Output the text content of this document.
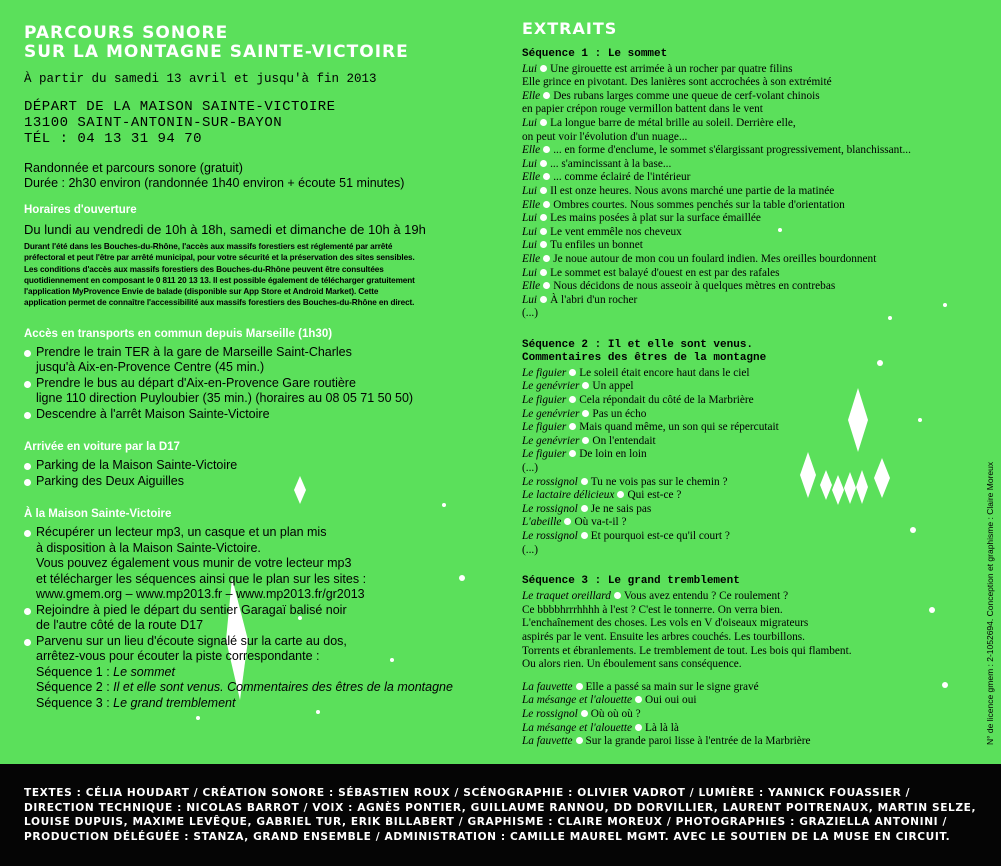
PARCOURS SONORE
SUR LA MONTAGNE SAINTE-VICTOIRE
À partir du samedi 13 avril et jusqu'à fin 2013
DÉPART DE LA MAISON SAINTE-VICTOIRE
13100 SAINT-ANTONIN-SUR-BAYON
TÉL : 04 13 31 94 70
Randonnée et parcours sonore (gratuit)
Durée : 2h30 environ (randonnée 1h40 environ + écoute 51 minutes)
Horaires d'ouverture
Du lundi au vendredi de 10h à 18h, samedi et dimanche de 10h à 19h
Durant l'été dans les Bouches-du-Rhône, l'accès aux massifs forestiers est réglementé par arrêté
préfectoral et peut l'être par arrêté municipal, pour votre sécurité et la préservation des sites sensibles.
Les conditions d'accès aux massifs forestiers des Bouches-du-Rhône peuvent être consultées
quotidiennement en composant le 0 811 20 13 13. Il est possible également de télécharger gratuitement
l'application MyProvence Envie de balade (disponible sur App Store et Android Market). Cette
application permet de connaître l'accessibilité aux massifs forestiers des Bouches-du-Rhône en direct.
Accès en transports en commun depuis Marseille (1h30)
Prendre le train TER à la gare de Marseille Saint-Charles
jusqu'à Aix-en-Provence Centre (45 min.)
Prendre le bus au départ d'Aix-en-Provence Gare routière
ligne 110 direction Puyloubier (35 min.) (horaires au 08 05 71 50 50)
Descendre à l'arrêt Maison Sainte-Victoire
Arrivée en voiture par la D17
Parking de la Maison Sainte-Victoire
Parking des Deux Aiguilles
À la Maison Sainte-Victoire
Récupérer un lecteur mp3, un casque et un plan mis
à disposition à la Maison Sainte-Victoire.
Vous pouvez également vous munir de votre lecteur mp3
et télécharger les séquences ainsi que le plan sur les sites :
www.gmem.org – www.mp2013.fr – www.mp2013.fr/gr2013
Rejoindre à pied le départ du sentier Garagaï balisé noir
de l'autre côté de la route D17
Parvenu sur un lieu d'écoute signalé sur la carte au dos,
arrêtez-vous pour écouter la piste correspondante :
Séquence 1 : Le sommet
Séquence 2 : Il et elle sont venus. Commentaires des êtres de la montagne
Séquence 3 : Le grand tremblement
EXTRAITS
Séquence 1 : Le sommet
Lui Une girouette est arrimée à un rocher par quatre filins
Elle grince en pivotant. Des lanières sont accrochées à son extrémité
Elle Des rubans larges comme une queue de cerf-volant chinois
en papier crépon rouge vermillon battent dans le vent
Lui La longue barre de métal brille au soleil. Derrière elle,
on peut voir l'évolution d'un nuage...
Elle ... en forme d'enclume, le sommet s'élargissant progressivement, blanchissant...
Lui ... s'amincissant à la base...
Elle ... comme éclairé de l'intérieur
Lui Il est onze heures. Nous avons marché une partie de la matinée
Elle Ombres courtes. Nous sommes penchés sur la table d'orientation
Lui Les mains posées à plat sur la surface émaillée
Lui Le vent emmêle nos cheveux
Lui Tu enfiles un bonnet
Elle Je noue autour de mon cou un foulard indien. Mes oreilles bourdonnent
Lui Le sommet est balayé d'ouest en est par des rafales
Elle Nous décidons de nous asseoir à quelques mètres en contrebas
Lui À l'abri d'un rocher
(...)
Séquence 2 : Il et elle sont venus.
Commentaires des êtres de la montagne
Le figuier Le soleil était encore haut dans le ciel
Le genévrier Un appel
Le figuier Cela répondait du côté de la Marbrière
Le genévrier Pas un écho
Le figuier Mais quand même, un son qui se répercutait
Le genévrier On l'entendait
Le figuier De loin en loin
(...)
Le rossignol Tu ne vois pas sur le chemin ?
Le lactaire délicieux Qui est-ce ?
Le rossignol Je ne sais pas
L'abeille Où va-t-il ?
Le rossignol Et pourquoi est-ce qu'il court ?
(...)
Séquence 3 : Le grand tremblement
Le traquet oreillard Vous avez entendu ? Ce roulement ?
Ce bbbbhrrrhhhh à l'est ? C'est le tonnerre. On verra bien.
L'enchaînement des choses. Les vols en V d'oiseaux migrateurs
aspirés par le vent. Ensuite les arbres couchés. Les tourbillons.
Torrents et ébranlements. Le tremblement de tout. Les bois qui flambent.
Ou alors rien. Un éboulement sans conséquence.
La fauvette Elle a passé sa main sur le signe gravé
La mésange et l'alouette Oui oui oui
Le rossignol Où où où ?
La mésange et l'alouette Là là là
La fauvette Sur la grande paroi lisse à l'entrée de la Marbrière	N° de licence gmem : 2-1052694. Conception et graphisme : Claire Moreux
TEXTES : CÉLIA HOUDART / CRÉATION SONORE : SÉBASTIEN ROUX / SCÉNOGRAPHIE : OLIVIER VADROT / LUMIÈRE : YANNICK FOUASSIER /
DIRECTION TECHNIQUE : NICOLAS BARROT / VOIX : AGNÈS PONTIER, GUILLAUME RANNOU, DD DORVILLIER, LAURENT POITRENAUX, MARTIN SELZE,
LOUISE DUPUIS, MAXIME LEVÊQUE, GABRIEL TUR, ERIK BILLABERT / GRAPHISME : CLAIRE MOREUX / PHOTOGRAPHIES : GRAZIELLA ANTONINI /
PRODUCTION DÉLÉGUÉE : STANZA, GRAND ENSEMBLE / ADMINISTRATION : CAMILLE MAUREL MGMT. AVEC LE SOUTIEN DE LA MUSE EN CIRCUIT.
